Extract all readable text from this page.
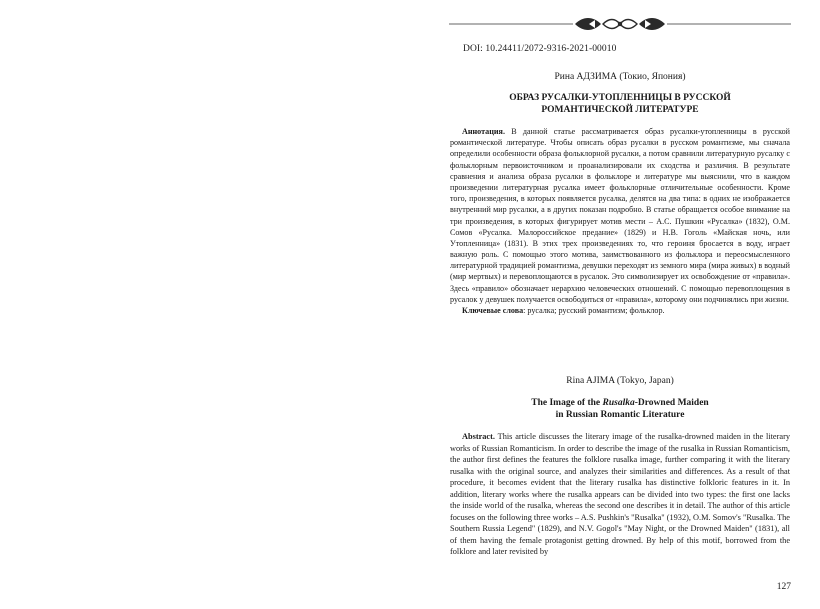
DOI: 10.24411/2072-9316-2021-00010
Рина АДЗИМА (Токио, Япония)
ОБРАЗ РУСАЛКИ-УТОПЛЕННИЦЫ В РУССКОЙ
РОМАНТИЧЕСКОЙ ЛИТЕРАТУРЕ

Аннотация. В данной статье рассматривается образ русалки-утопленницы в русской романтической литературе. Чтобы описать образ русалки в русском романтизме, мы сначала определили особенности образа фольклорной русалки, а потом сравнили литературную русалку с фольклорным первоисточником и проанализировали их сходства и различия. В результате сравнения и анализа образа русалки в фольклоре и литературе мы выяснили, что в каждом произведении литературная русалка имеет фольклорные отличительные особенности. Кроме того, произведения, в которых появляется русалка, делятся на два типа: в одних не изображается внутренний мир русалки, а в других показан подробно. В статье обращается особое внимание на три произведения, в которых фигурирует мотив мести – А.С. Пушкин «Русалка» (1832), О.М. Сомов «Русалка. Малороссийское предание» (1829) и Н.В. Гоголь «Майская ночь, или Утопленница» (1831). В этих трех произведениях то, что героиня бросается в воду, играет важную роль. С помощью этого мотива, заимствованного из фольклора и переосмысленного литературной традицией романтизма, девушки переходят из земного мира (мира живых) в водный (мир мертвых) и перевоплощаются в русалок. Это символизирует их освобождение от «правила». Здесь «правило» обозначает нерархию человеческих отношений. С помощью перевоплощения в русалок у девушек получается освободиться от «правила», которому они подчинялись при жизни.

Ключевые слова: русалка; русский романтизм; фольклор.

Rina AJIMA (Tokyo, Japan)
The Image of the Rusalka-Drowned Maiden
in Russian Romantic Literature

Abstract. This article discusses the literary image of the rusalka-drowned maiden in the literary works of Russian Romanticism. In order to describe the image of the rusalka in Russian Romanticism, the author first defines the features the folklore rusalka image, further comparing it with the literary rusalka with the original source, and analyzes their similarities and differences. As a result of that procedure, it becomes evident that the literary rusalka has distinctive folkloric features in it. In addition, literary works where the rusalka appears can be divided into two types: the first one lacks the inside world of the rusalka, whereas the second one describes it in detail. The author of this article focuses on the following three works – A.S. Pushkin's "Rusalka" (1932), O.M. Somov's "Rusalka. The Southern Russia Legend" (1829), and N.V. Gogol's "May Night, or the Drowned Maiden" (1831), all of them having the female protagonist getting drowned. By help of this motif, borrowed from the folklore and later revisited by

127
